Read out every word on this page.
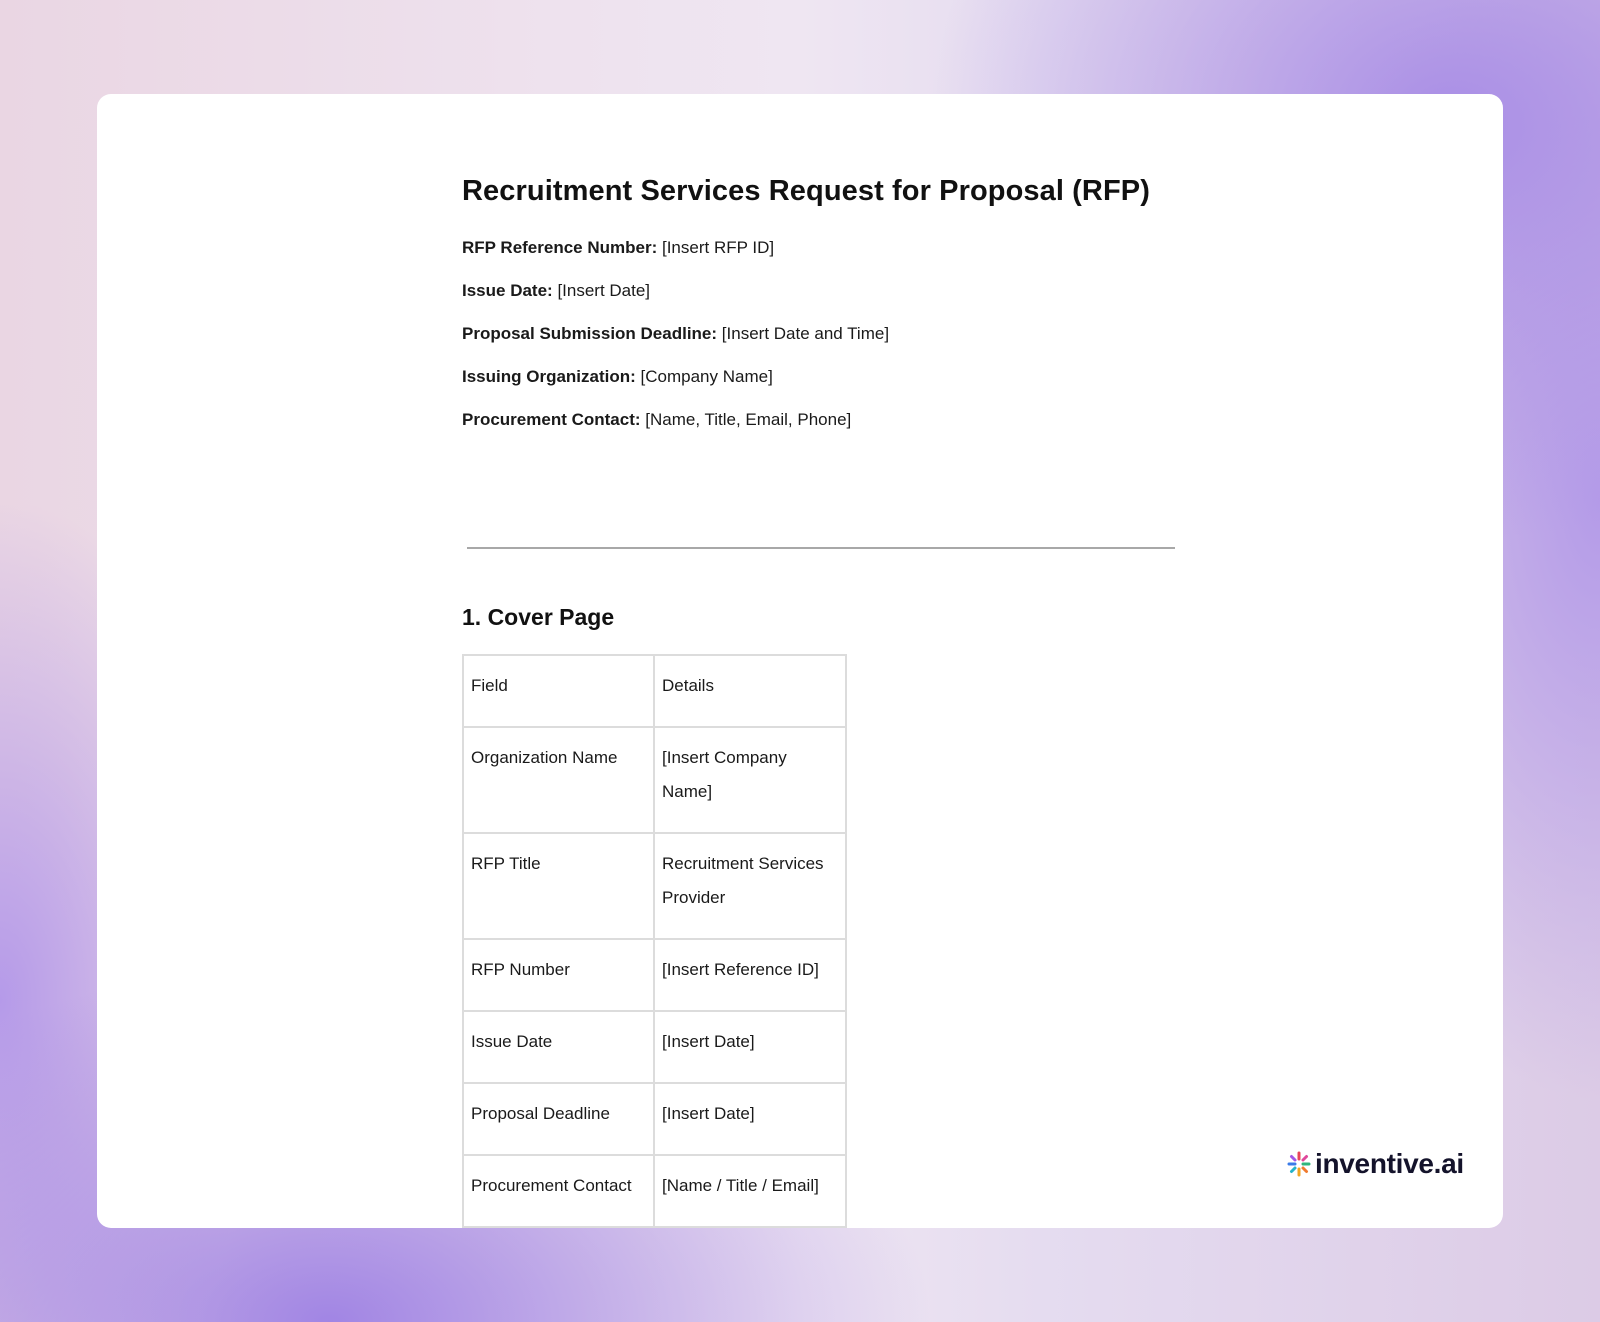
Recruitment Services Request for Proposal (RFP)

RFP Reference Number: [Insert RFP ID]

Issue Date: [Insert Date]

Proposal Submission Deadline: [Insert Date and Time]

Issuing Organization: [Company Name]

Procurement Contact: [Name, Title, Email, Phone]

1. Cover Page
Field	Details
Organization Name	[Insert Company Name]
RFP Title	Recruitment Services Provider
RFP Number	[Insert Reference ID]
Issue Date	[Insert Date]
Proposal Deadline	[Insert Date]
Procurement Contact	[Name / Title / Email]
inventive.ai
